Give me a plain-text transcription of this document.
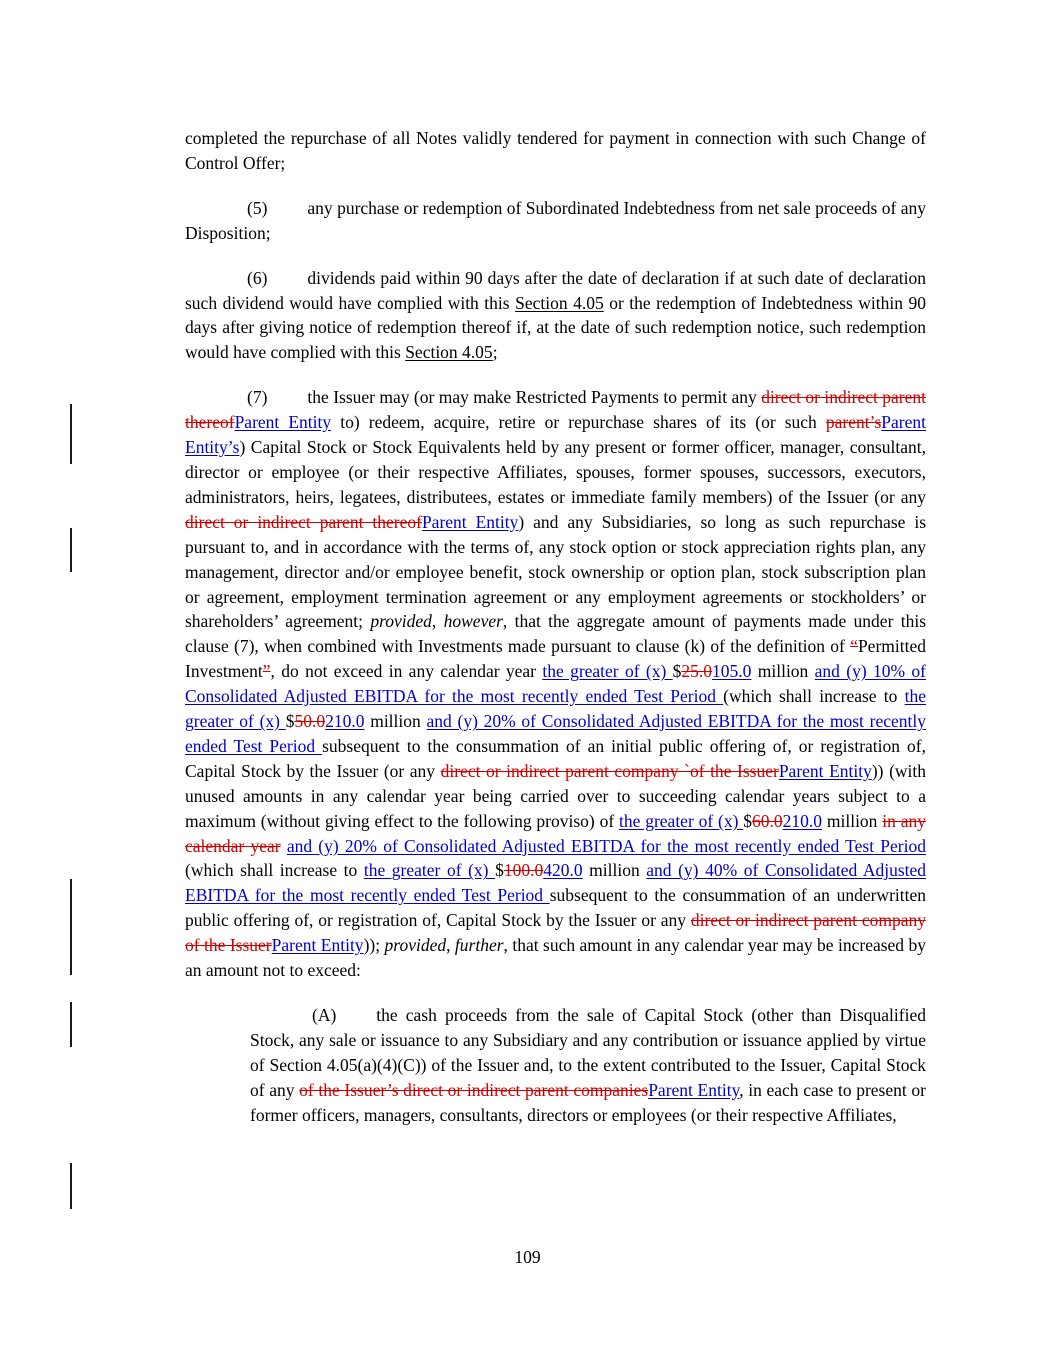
completed the repurchase of all Notes validly tendered for payment in connection with such Change of Control Offer;

(5) any purchase or redemption of Subordinated Indebtedness from net sale proceeds of any Disposition;

(6) dividends paid within 90 days after the date of declaration if at such date of declaration such dividend would have complied with this Section 4.05 or the redemption of Indebtedness within 90 days after giving notice of redemption thereof if, at the date of such redemption notice, such redemption would have complied with this Section 4.05;

(7) the Issuer may (or may make Restricted Payments to permit any direct or indirect parent thereofParent Entity to) redeem, acquire, retire or repurchase shares of its (or such parent’sParent Entity’s) Capital Stock or Stock Equivalents held by any present or former officer, manager, consultant, director or employee (or their respective Affiliates, spouses, former spouses, successors, executors, administrators, heirs, legatees, distributees, estates or immediate family members) of the Issuer (or any direct or indirect parent thereofParent Entity) and any Subsidiaries, so long as such repurchase is pursuant to, and in accordance with the terms of, any stock option or stock appreciation rights plan, any management, director and/or employee benefit, stock ownership or option plan, stock subscription plan or agreement, employment termination agreement or any employment agreements or stockholders’ or shareholders’ agreement; provided, however, that the aggregate amount of payments made under this clause (7), when combined with Investments made pursuant to clause (k) of the definition of “Permitted Investment”, do not exceed in any calendar year the greater of (x) $25.0105.0 million and (y) 10% of Consolidated Adjusted EBITDA for the most recently ended Test Period (which shall increase to the greater of (x) $50.0210.0 million and (y) 20% of Consolidated Adjusted EBITDA for the most recently ended Test Period subsequent to the consummation of an initial public offering of, or registration of, Capital Stock by the Issuer (or any direct or indirect parent company `of the IssuerParent Entity)) (with unused amounts in any calendar year being carried over to succeeding calendar years subject to a maximum (without giving effect to the following proviso) of the greater of (x) $60.0210.0 million in any calendar year and (y) 20% of Consolidated Adjusted EBITDA for the most recently ended Test Period (which shall increase to the greater of (x) $100.0420.0 million and (y) 40% of Consolidated Adjusted EBITDA for the most recently ended Test Period subsequent to the consummation of an underwritten public offering of, or registration of, Capital Stock by the Issuer or any direct or indirect parent company of the IssuerParent Entity)); provided, further, that such amount in any calendar year may be increased by an amount not to exceed:

(A) the cash proceeds from the sale of Capital Stock (other than Disqualified Stock, any sale or issuance to any Subsidiary and any contribution or issuance applied by virtue of Section 4.05(a)(4)(C)) of the Issuer and, to the extent contributed to the Issuer, Capital Stock of any of the Issuer’s direct or indirect parent companiesParent Entity, in each case to present or former officers, managers, consultants, directors or employees (or their respective Affiliates,

109
